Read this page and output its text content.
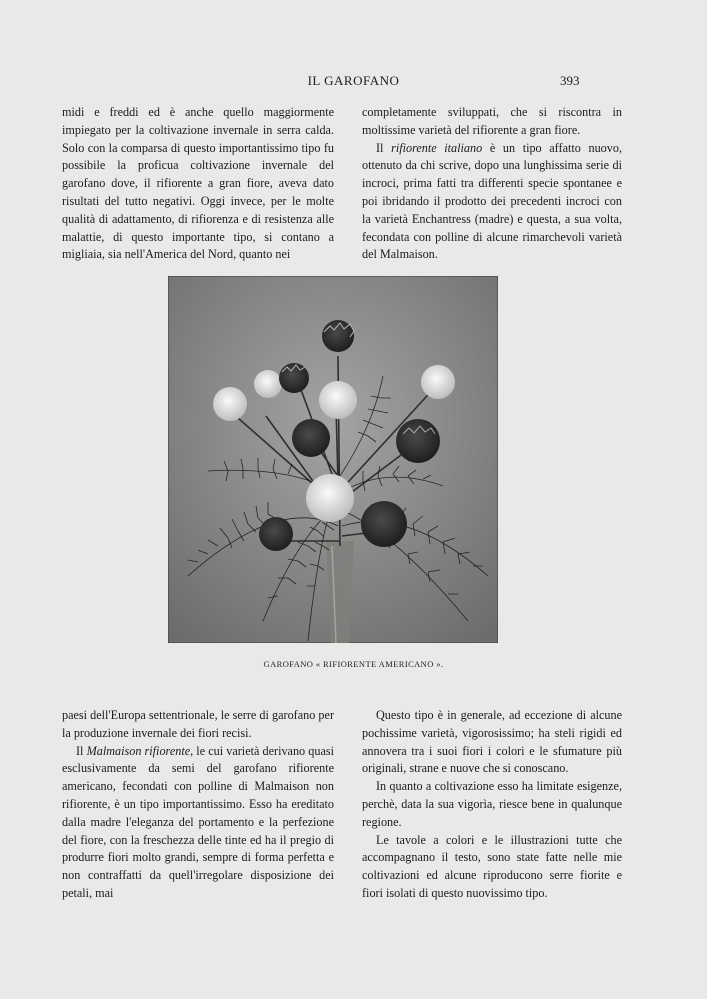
IL GAROFANO	393

midi e freddi ed è anche quello maggiormente impiegato per la coltivazione invernale in serra calda. Solo con la comparsa di questo importantissimo tipo fu possibile la proficua coltivazione invernale del garofano dove, il rifiorente a gran fiore, aveva dato risultati del tutto negativi. Oggi invece, per le molte qualità di adattamento, di rifiorenza e di resistenza alle malattie, di questo importante tipo, si contano a migliaia, sia nell'America del Nord, quanto nei

completamente sviluppati, che si riscontra in moltissime varietà del rifiorente a gran fiore.

Il rifiorente italiano è un tipo affatto nuovo, ottenuto da chi scrive, dopo una lunghissima serie di incroci, prima fatti tra differenti specie spontanee e poi ibridando il prodotto dei precedenti incroci con la varietà Enchantress (madre) e questa, a sua volta, fecondata con polline di alcune rimarchevoli varietà del Malmaison.

GAROFANO « RIFIORENTE AMERICANO ».

paesi dell'Europa settentrionale, le serre di garofano per la produzione invernale dei fiori recisi.

Il Malmaison rifiorente, le cui varietà derivano quasi esclusivamente da semi del garofano rifiorente americano, fecondati con polline di Malmaison non rifiorente, è un tipo importantissimo. Esso ha ereditato dalla madre l'eleganza del portamento e la perfezione del fiore, con la freschezza delle tinte ed ha il pregio di produrre fiori molto grandi, sempre di forma perfetta e non contraffatti da quell'irregolare disposizione dei petali, mai

Questo tipo è in generale, ad eccezione di alcune pochissime varietà, vigorosissimo; ha steli rigidi ed annovera tra i suoi fiori i colori e le sfumature più originali, strane e nuove che si conoscano.

In quanto a coltivazione esso ha limitate esigenze, perchè, data la sua vigorìa, riesce bene in qualunque regione.

Le tavole a colori e le illustrazioni tutte che accompagnano il testo, sono state fatte nelle mie coltivazioni ed alcune riproducono serre fiorite e fiori isolati di questo nuovissimo tipo.
